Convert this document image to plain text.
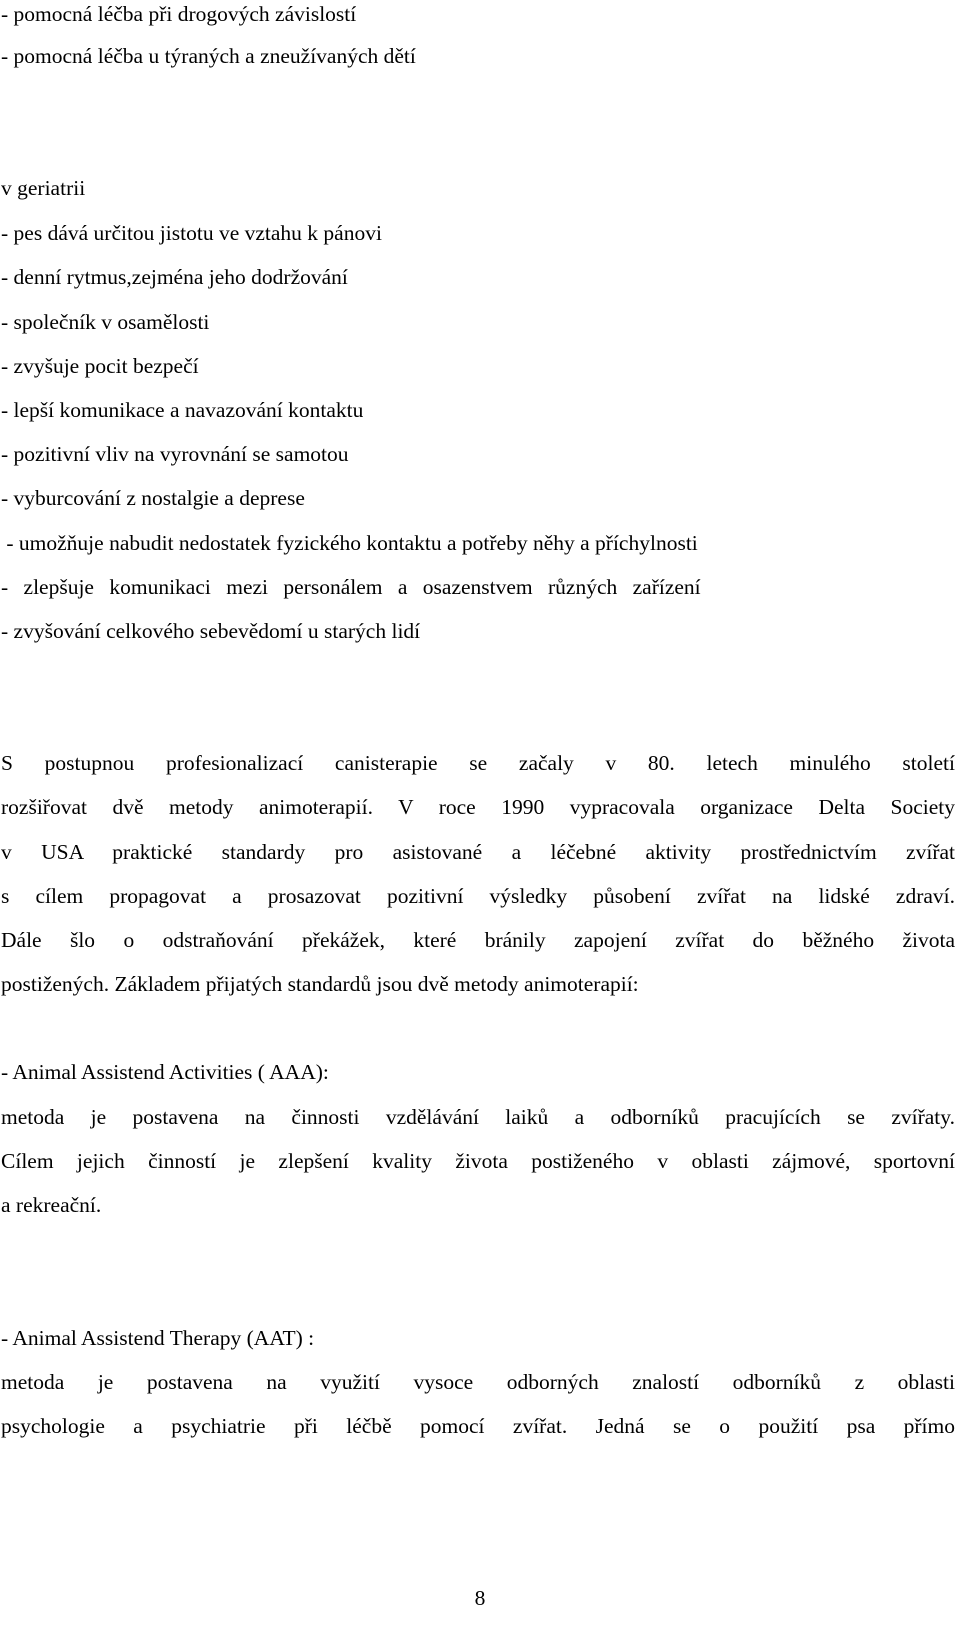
- pomocná léčba při drogových závislostí
- pomocná léčba u týraných a zneužívaných dětí
v geriatrii
- pes dává určitou jistotu ve vztahu k pánovi
- denní rytmus,zejména jeho dodržování
- společník v osamělosti
- zvyšuje pocit bezpečí
- lepší komunikace a navazování kontaktu
- pozitivní vliv na vyrovnání se samotou
- vyburcování z nostalgie a deprese
- umožňuje nabudit nedostatek fyzického kontaktu a potřeby něhy a příchylnosti
- zlepšuje komunikaci mezi personálem a osazenstvem různých zařízení
- zvyšování celkového sebevědomí u starých lidí
S postupnou profesionalizací canisterapie se začaly v 80. letech minulého století
rozšiřovat dvě metody animoterapií. V roce 1990 vypracovala organizace Delta Society
v USA praktické standardy pro asistované a léčebné aktivity prostřednictvím zvířat
s cílem propagovat a prosazovat pozitivní výsledky působení zvířat na lidské zdraví.
Dále šlo o odstraňování překážek, které bránily zapojení zvířat do běžného života
postižených. Základem přijatých standardů jsou dvě metody animoterapií:
- Animal Assistend Activities ( AAA):
metoda je postavena na činnosti vzdělávání laiků a odborníků pracujících se zvířaty.
Cílem jejich činností je zlepšení kvality života postiženého v oblasti zájmové, sportovní
a rekreační.
- Animal Assistend Therapy (AAT) :
metoda je postavena na využití vysoce odborných znalostí odborníků z oblasti
psychologie a psychiatrie při léčbě pomocí zvířat. Jedná se o použití psa přímo
8
